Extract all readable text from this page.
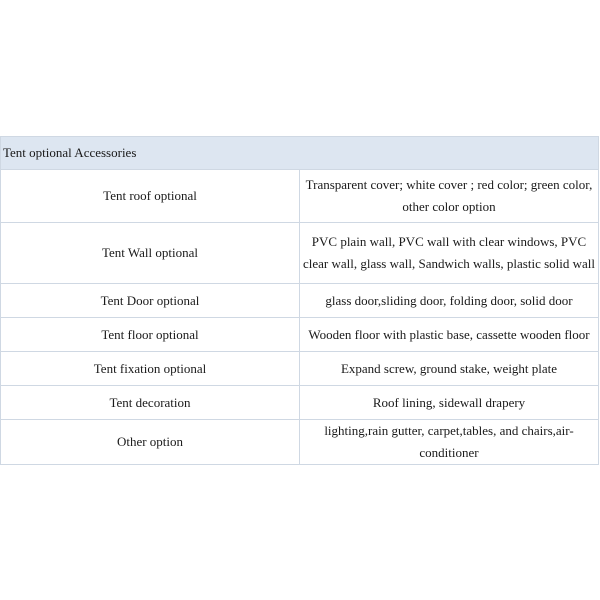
Tent optional Accessories	
Tent roof optional	Transparent cover; white cover ; red color; green color, other color option
Tent Wall optional	PVC plain wall, PVC wall with clear windows, PVC clear wall, glass wall, Sandwich walls, plastic solid wall
Tent Door optional	glass door,sliding door, folding door, solid door
Tent floor optional	Wooden floor with plastic base, cassette wooden floor
Tent fixation optional	Expand screw, ground stake, weight plate
Tent decoration	Roof lining, sidewall drapery
Other option	lighting,rain gutter, carpet,tables, and chairs,air-conditioner
